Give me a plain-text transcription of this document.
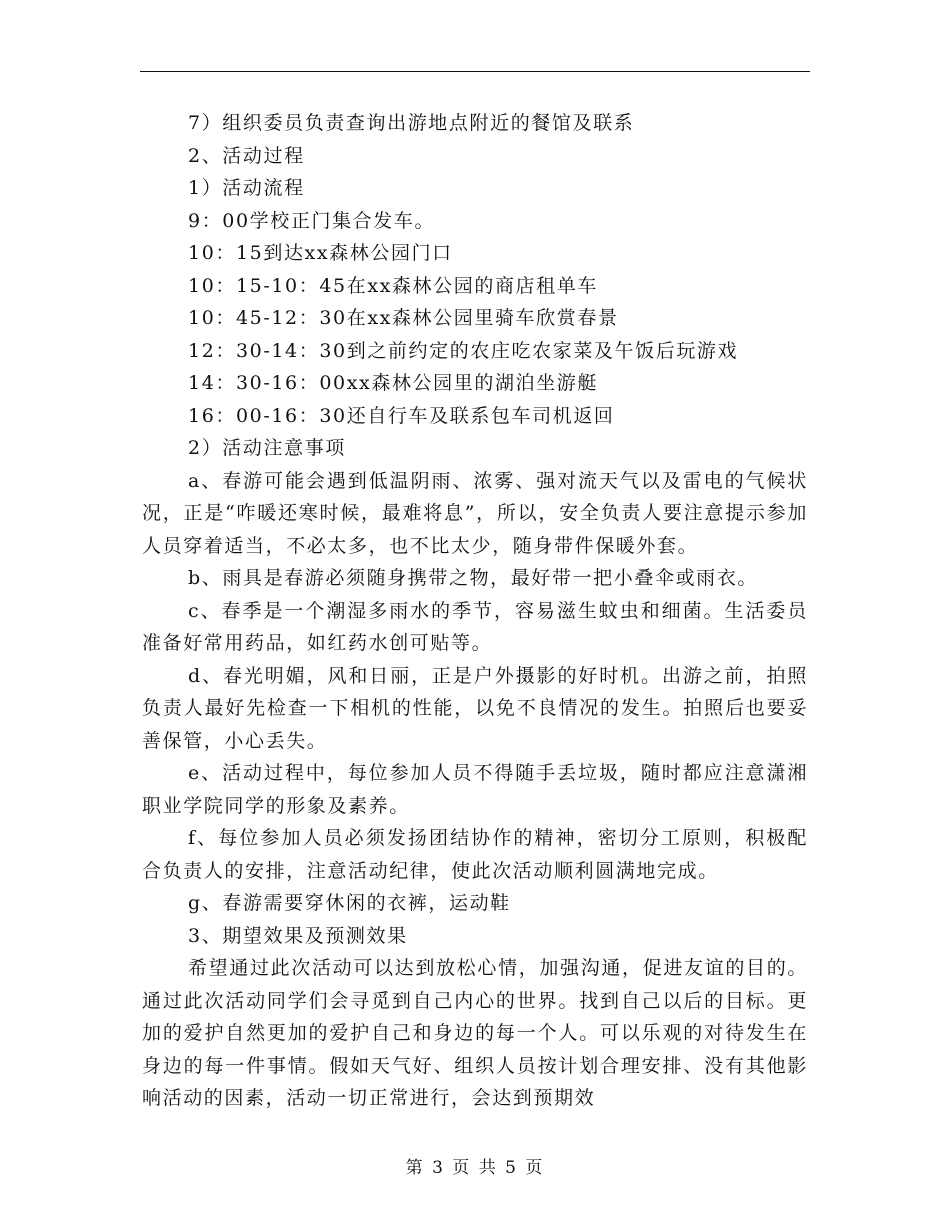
7）组织委员负责查询出游地点附近的餐馆及联系

2、活动过程

1）活动流程

9：00学校正门集合发车。

10：15到达xx森林公园门口

10：15-10：45在xx森林公园的商店租单车

10：45-12：30在xx森林公园里骑车欣赏春景

12：30-14：30到之前约定的农庄吃农家菜及午饭后玩游戏

14：30-16：00xx森林公园里的湖泊坐游艇

16：00-16：30还自行车及联系包车司机返回

2）活动注意事项

a、春游可能会遇到低温阴雨、浓雾、强对流天气以及雷电的气候状况，正是“咋暖还寒时候，最难将息”，所以，安全负责人要注意提示参加人员穿着适当，不必太多，也不比太少，随身带件保暖外套。

b、雨具是春游必须随身携带之物，最好带一把小叠伞或雨衣。

c、春季是一个潮湿多雨水的季节，容易滋生蚊虫和细菌。生活委员准备好常用药品，如红药水创可贴等。

d、春光明媚，风和日丽，正是户外摄影的好时机。出游之前，拍照负责人最好先检查一下相机的性能，以免不良情况的发生。拍照后也要妥善保管，小心丢失。

e、活动过程中，每位参加人员不得随手丢垃圾，随时都应注意潇湘职业学院同学的形象及素养。

f、每位参加人员必须发扬团结协作的精神，密切分工原则，积极配合负责人的安排，注意活动纪律，使此次活动顺利圆满地完成。

g、春游需要穿休闲的衣裤，运动鞋

3、期望效果及预测效果

希望通过此次活动可以达到放松心情，加强沟通，促进友谊的目的。通过此次活动同学们会寻觅到自己内心的世界。找到自己以后的目标。更加的爱护自然更加的爱护自己和身边的每一个人。可以乐观的对待发生在身边的每一件事情。假如天气好、组织人员按计划合理安排、没有其他影响活动的因素，活动一切正常进行，会达到预期效

第 3 页 共 5 页
